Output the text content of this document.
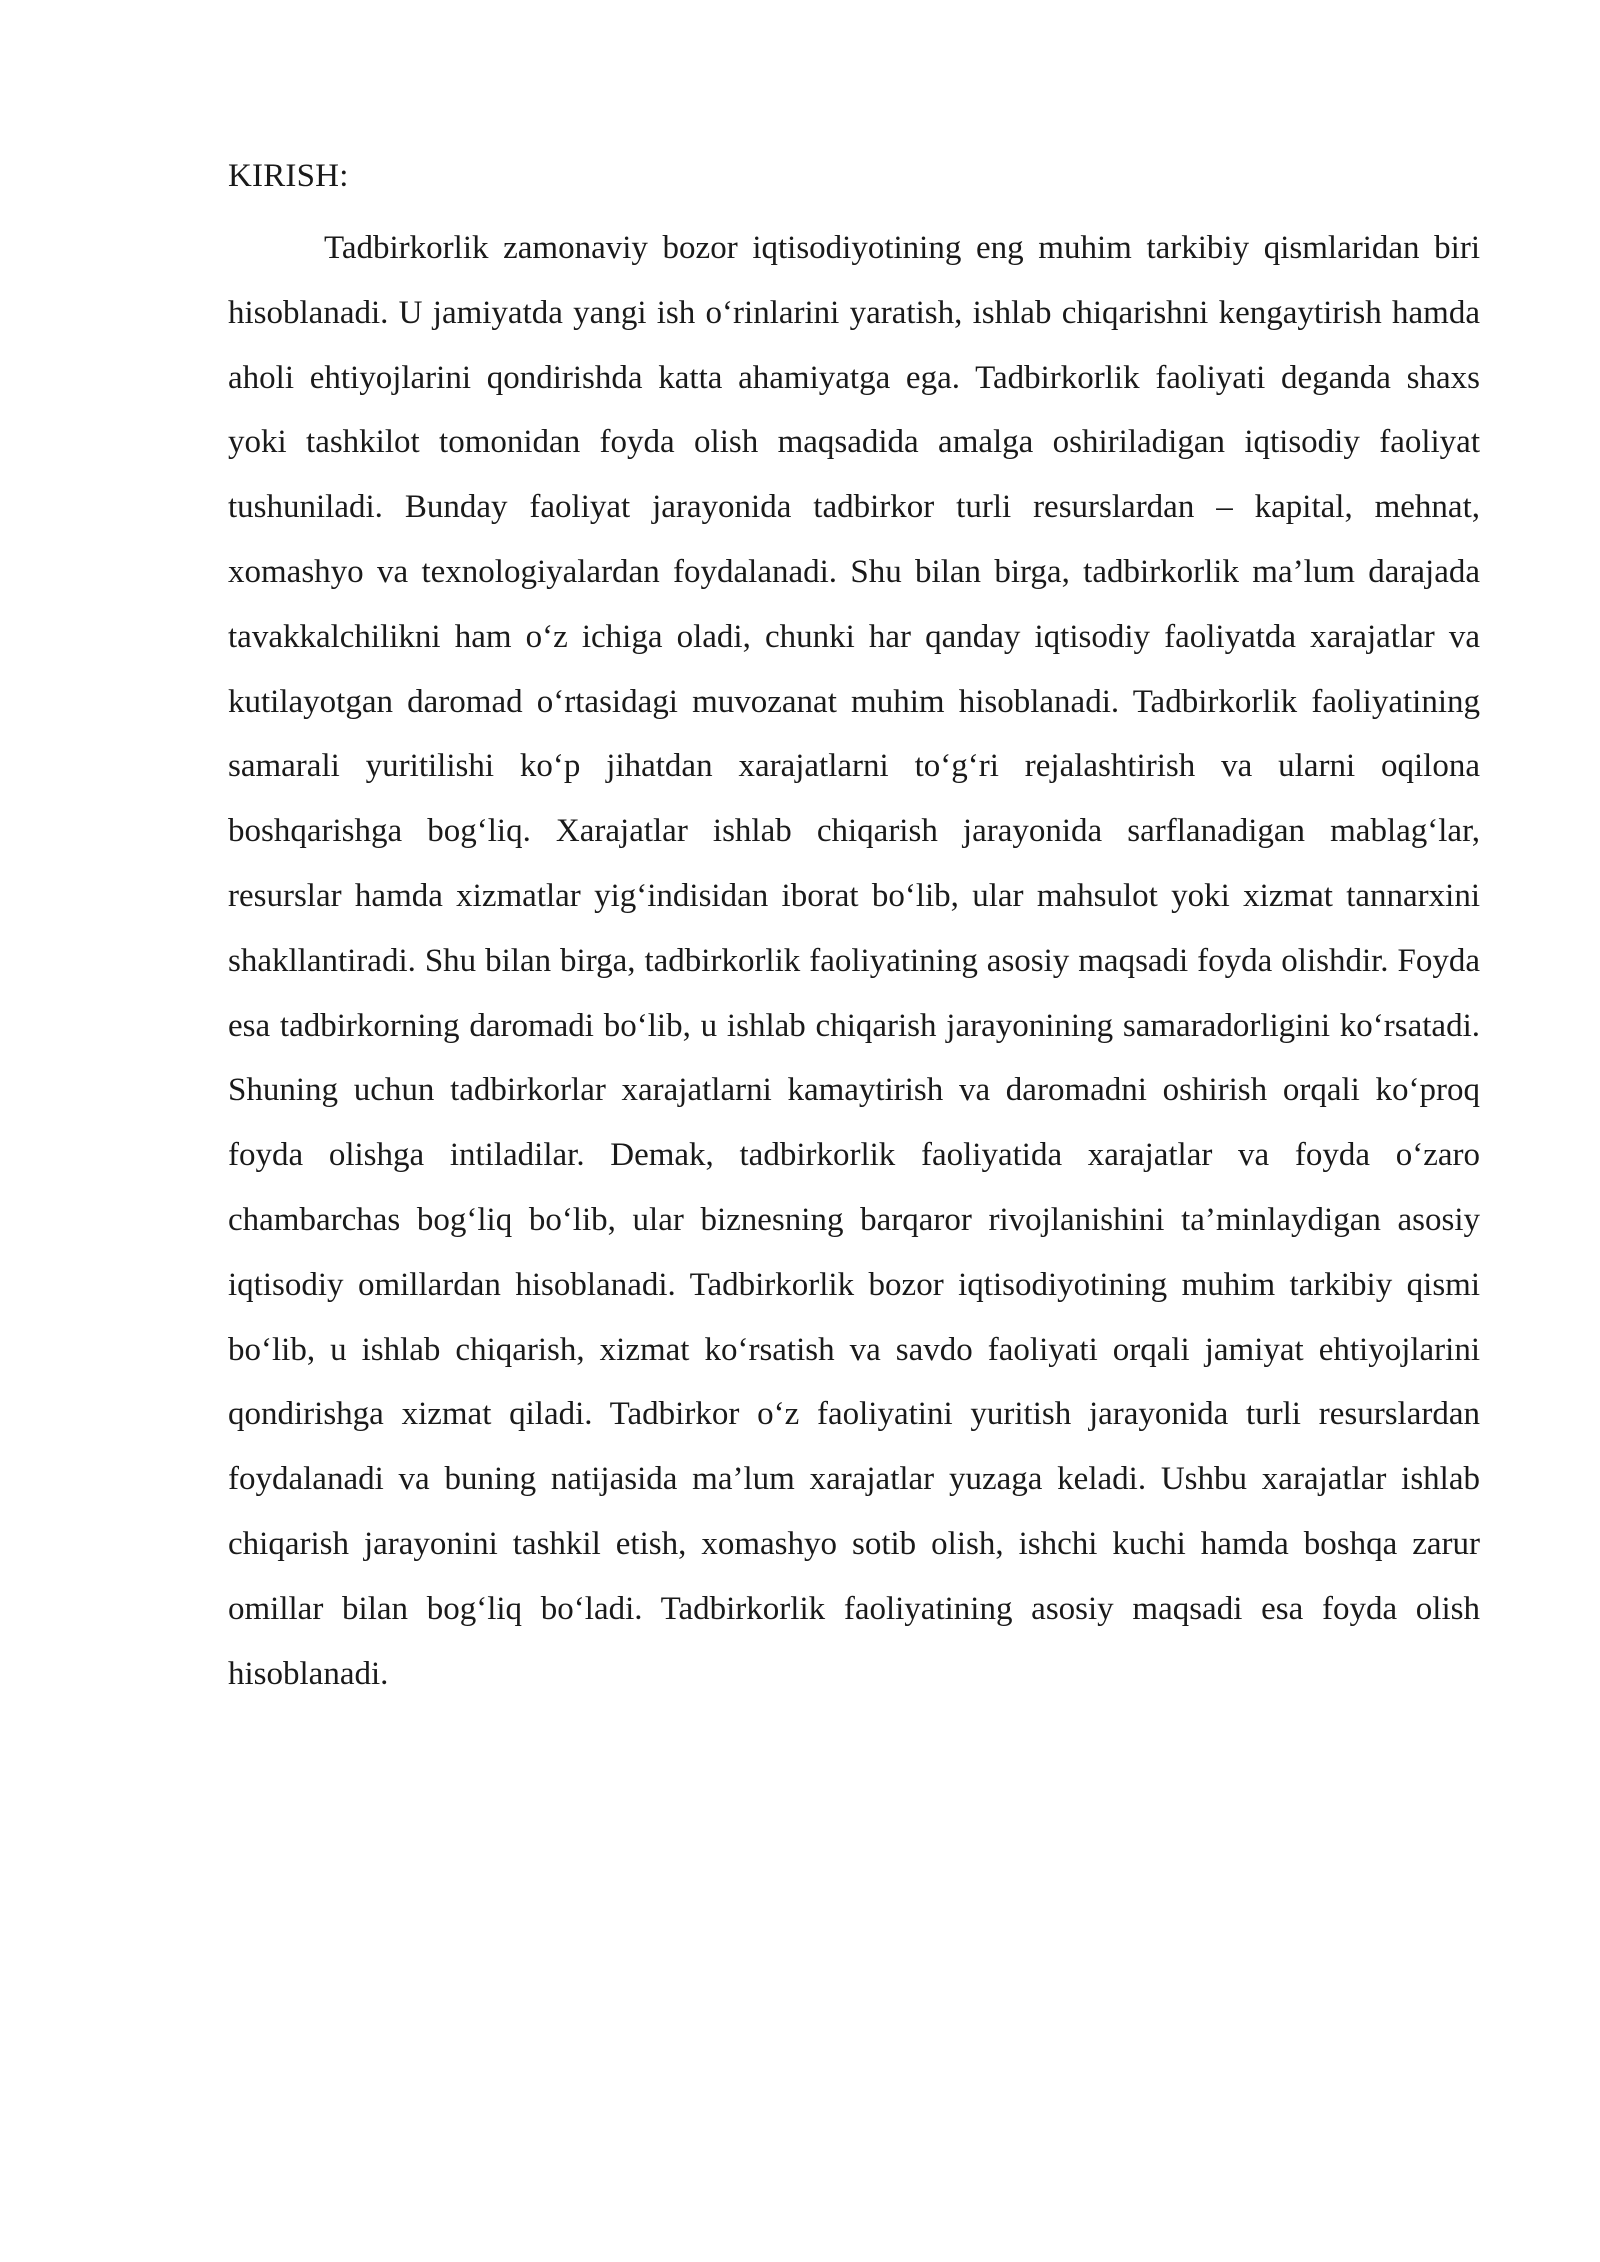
KIRISH:

Tadbirkorlik zamonaviy bozor iqtisodiyotining eng muhim tarkibiy qismlaridan biri hisoblanadi. U jamiyatda yangi ish o‘rinlarini yaratish, ishlab chiqarishni kengaytirish hamda aholi ehtiyojlarini qondirishda katta ahamiyatga ega. Tadbirkorlik faoliyati deganda shaxs yoki tashkilot tomonidan foyda olish maqsadida amalga oshiriladigan iqtisodiy faoliyat tushuniladi. Bunday faoliyat jarayonida tadbirkor turli resurslardan – kapital, mehnat, xomashyo va texnologiyalardan foydalanadi. Shu bilan birga, tadbirkorlik ma’lum darajada tavakkalchilikni ham o‘z ichiga oladi, chunki har qanday iqtisodiy faoliyatda xarajatlar va kutilayotgan daromad o‘rtasidagi muvozanat muhim hisoblanadi. Tadbirkorlik faoliyatining samarali yuritilishi ko‘p jihatdan xarajatlarni to‘g‘ri rejalashtirish va ularni oqilona boshqarishga bog‘liq. Xarajatlar ishlab chiqarish jarayonida sarflanadigan mablag‘lar, resurslar hamda xizmatlar yig‘indisidan iborat bo‘lib, ular mahsulot yoki xizmat tannarxini shakllantiradi. Shu bilan birga, tadbirkorlik faoliyatining asosiy maqsadi foyda olishdir. Foyda esa tadbirkorning daromadi bo‘lib, u ishlab chiqarish jarayonining samaradorligini ko‘rsatadi. Shuning uchun tadbirkorlar xarajatlarni kamaytirish va daromadni oshirish orqali ko‘proq foyda olishga intiladilar. Demak, tadbirkorlik faoliyatida xarajatlar va foyda o‘zaro chambarchas bog‘liq bo‘lib, ular biznesning barqaror rivojlanishini ta’minlaydigan asosiy iqtisodiy omillardan hisoblanadi. Tadbirkorlik bozor iqtisodiyotining muhim tarkibiy qismi bo‘lib, u ishlab chiqarish, xizmat ko‘rsatish va savdo faoliyati orqali jamiyat ehtiyojlarini qondirishga xizmat qiladi. Tadbirkor o‘z faoliyatini yuritish jarayonida turli resurslardan foydalanadi va buning natijasida ma’lum xarajatlar yuzaga keladi. Ushbu xarajatlar ishlab chiqarish jarayonini tashkil etish, xomashyo sotib olish, ishchi kuchi hamda boshqa zarur omillar bilan bog‘liq bo‘ladi. Tadbirkorlik faoliyatining asosiy maqsadi esa foyda olish hisoblanadi.
